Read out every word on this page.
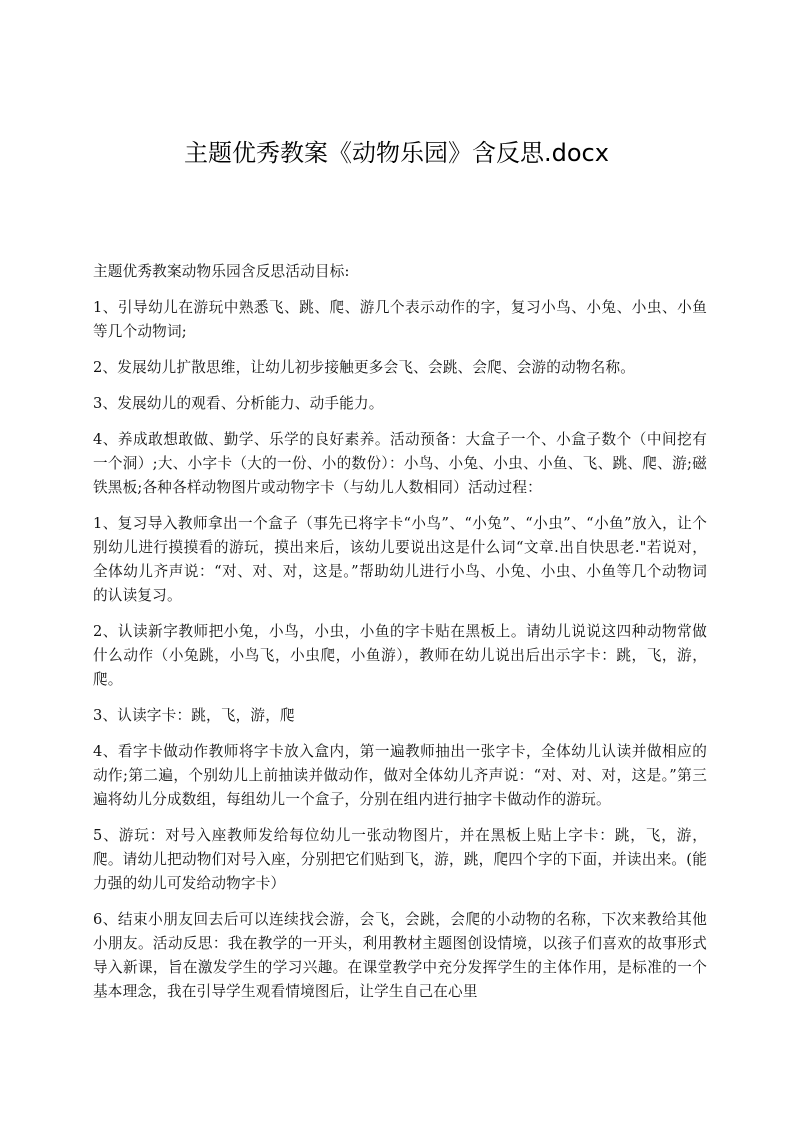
主题优秀教案《动物乐园》含反思.docx

主题优秀教案动物乐园含反思活动目标:

1、引导幼儿在游玩中熟悉飞、跳、爬、游几个表示动作的字，复习小鸟、小兔、小虫、小鱼等几个动物词;

2、发展幼儿扩散思维，让幼儿初步接触更多会飞、会跳、会爬、会游的动物名称。

3、发展幼儿的观看、分析能力、动手能力。

4、养成敢想敢做、勤学、乐学的良好素养。活动预备：大盒子一个、小盒子数个（中间挖有一个洞）;大、小字卡（大的一份、小的数份）：小鸟、小兔、小虫、小鱼、飞、跳、爬、游;磁铁黑板;各种各样动物图片或动物字卡（与幼儿人数相同）活动过程：

1、复习导入教师拿出一个盒子（事先已将字卡“小鸟”、“小兔”、“小虫”、“小鱼”放入，让个别幼儿进行摸摸看的游玩，摸出来后，该幼儿要说出这是什么词“文章.出自快思老."若说对，全体幼儿齐声说：“对、对、对，这是。”帮助幼儿进行小鸟、小兔、小虫、小鱼等几个动物词的认读复习。

2、认读新字教师把小兔，小鸟，小虫，小鱼的字卡贴在黑板上。请幼儿说说这四种动物常做什么动作（小兔跳，小鸟飞，小虫爬，小鱼游），教师在幼儿说出后出示字卡：跳，飞，游，爬。

3、认读字卡：跳，飞，游，爬

4、看字卡做动作教师将字卡放入盒内，第一遍教师抽出一张字卡，全体幼儿认读并做相应的动作;第二遍，个别幼儿上前抽读并做动作，做对全体幼儿齐声说：“对、对、对，这是。”第三遍将幼儿分成数组，每组幼儿一个盒子，分别在组内进行抽字卡做动作的游玩。

5、游玩：对号入座教师发给每位幼儿一张动物图片，并在黑板上贴上字卡：跳，飞，游，爬。请幼儿把动物们对号入座，分别把它们贴到飞，游，跳，爬四个字的下面，并读出来。(能力强的幼儿可发给动物字卡）

6、结束小朋友回去后可以连续找会游，会飞，会跳，会爬的小动物的名称，下次来教给其他小朋友。活动反思：我在教学的一开头，利用教材主题图创设情境，以孩子们喜欢的故事形式导入新课，旨在激发学生的学习兴趣。在课堂教学中充分发挥学生的主体作用，是标准的一个基本理念，我在引导学生观看情境图后，让学生自己在心里
